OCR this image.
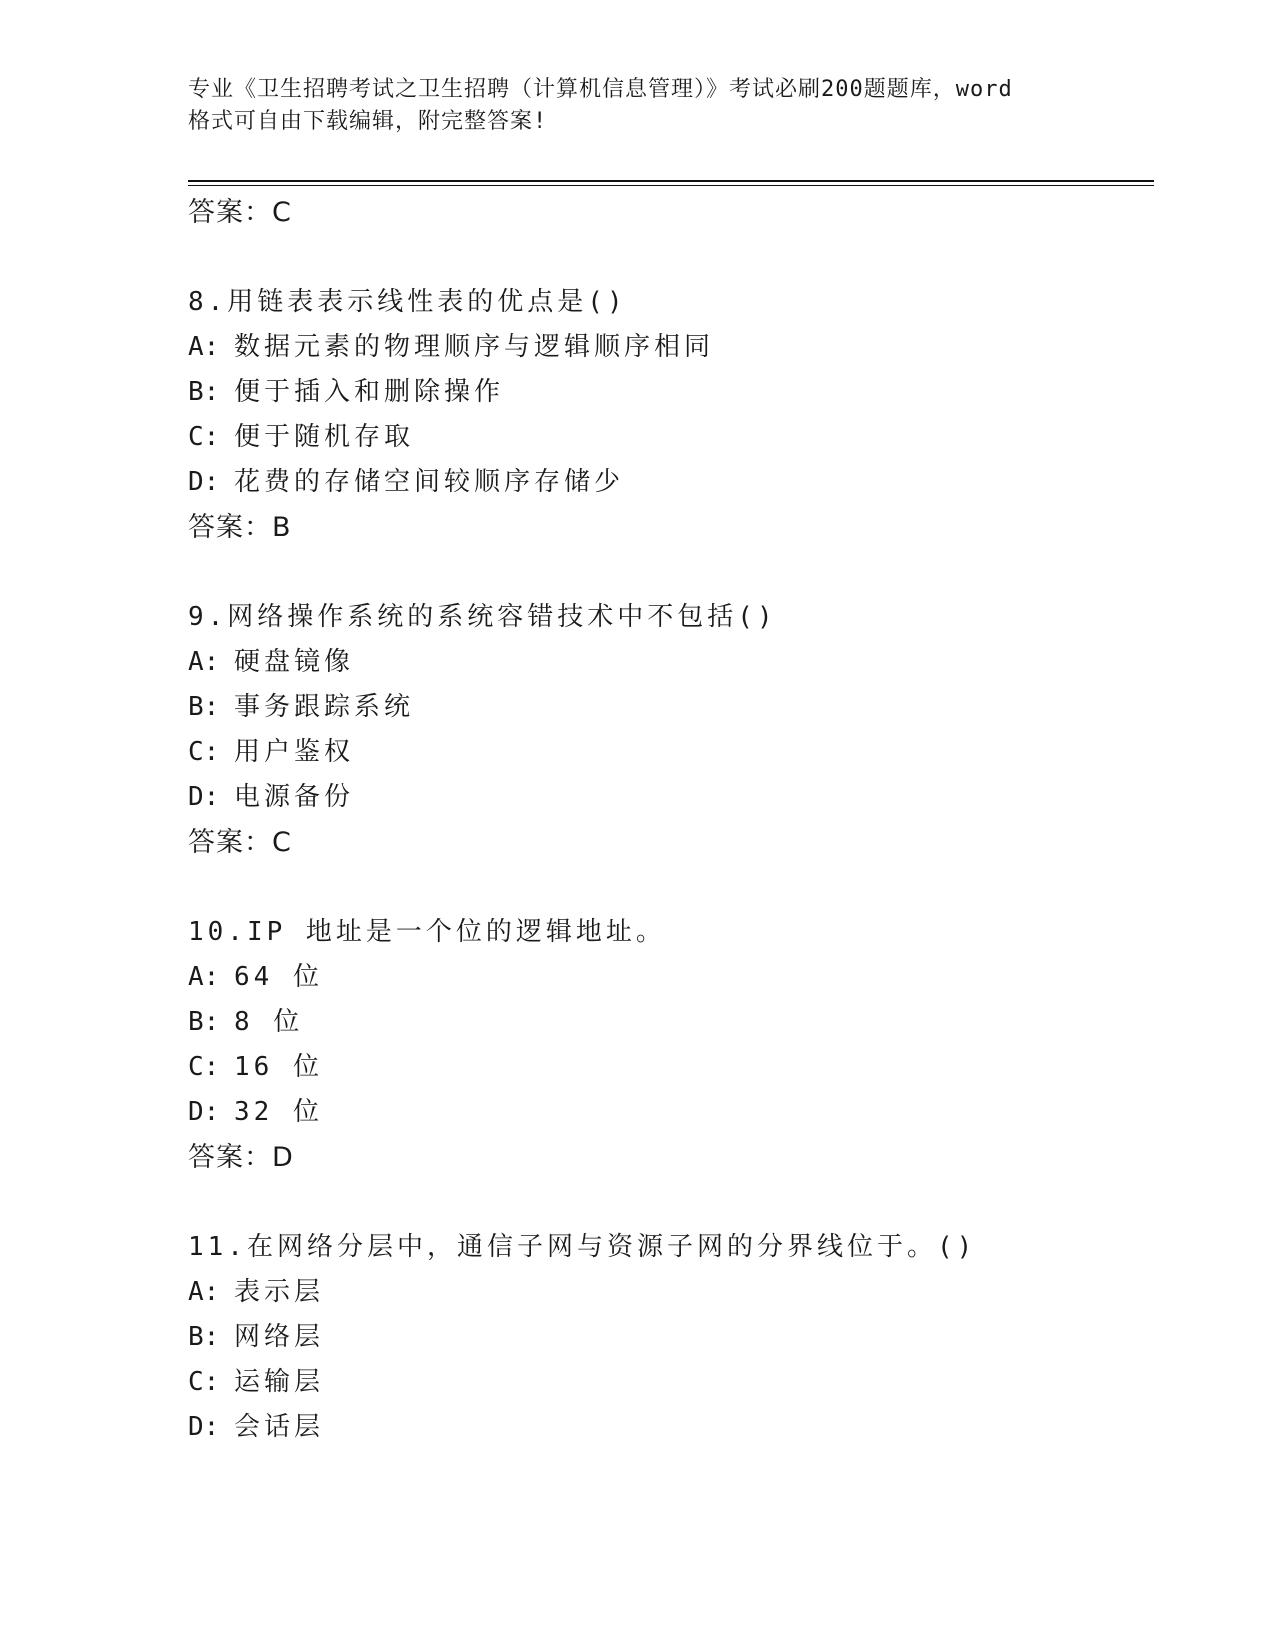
专业《卫生招聘考试之卫生招聘（计算机信息管理）》考试必刷200题题库，word
格式可自由下载编辑，附完整答案!
答案：C
8.用链表表示线性表的优点是()
A: 数据元素的物理顺序与逻辑顺序相同
B: 便于插入和删除操作
C: 便于随机存取
D: 花费的存储空间较顺序存储少
答案：B
9.网络操作系统的系统容错技术中不包括()
A: 硬盘镜像
B: 事务跟踪系统
C: 用户鉴权
D: 电源备份
答案：C
10.IP 地址是一个位的逻辑地址。
A: 64 位
B: 8 位
C: 16 位
D: 32 位
答案：D
11.在网络分层中，通信子网与资源子网的分界线位于。()
A: 表示层
B: 网络层
C: 运输层
D: 会话层
